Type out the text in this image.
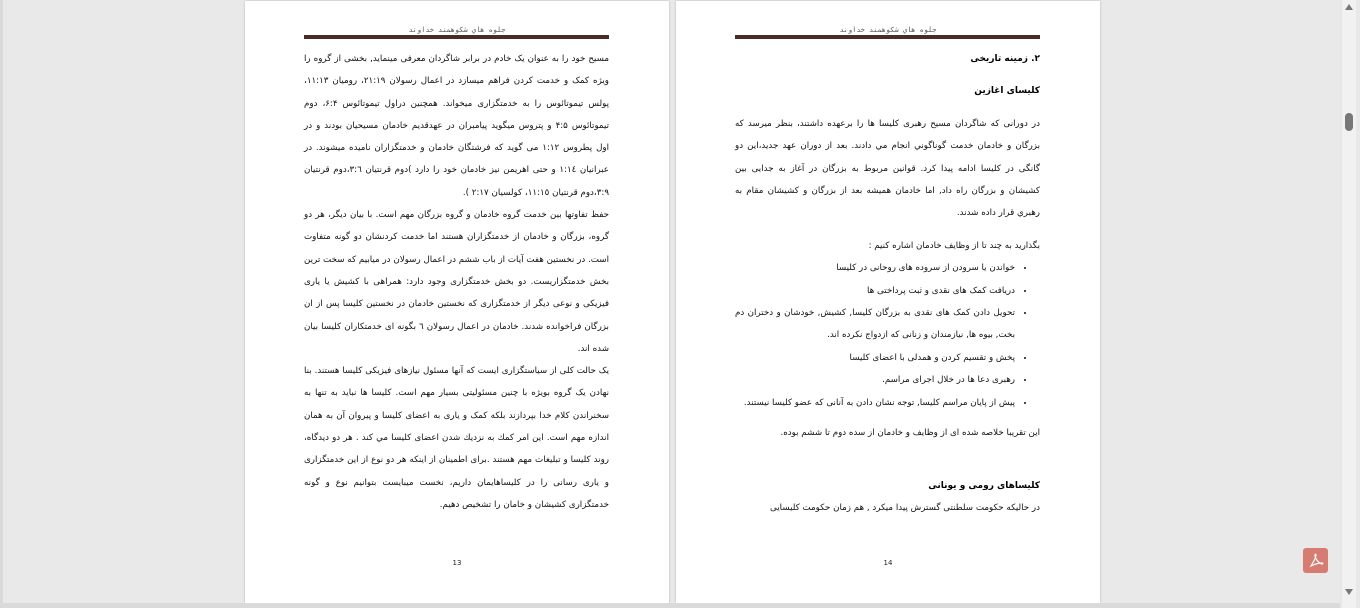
جلوه هاي شكوهمند خداوند

مسیح خود را به عنوان یک خادم در برابر شاگردان معرفی مینماید, بخشی از گروه را ویژه کمک و خدمت کردن فراهم میسازد در اعمال رسولان ۲۱:۱۹، رومیان ۱۱:۱۳، پولس تیموتائوس را به خدمتگزاری میخواند. همچنین دراول تیموتائوس ۶:۴، دوم تیموتائوس ۴:۵ و پتروس میگوید پیامبران در عهدقدیم خادمان مسیحیان بودند و در اول پطروس ۱:۱۲ می گوید که فرشتگان خادمان و خدمتگزاران نامیده میشوند. در عبرانیان ۱:۱٤ و حتی اهریمن نیز خادمان خود را دارد )دوم قرنتیان ۳:٦،دوم قرنتیان ۳:۹،دوم قرنتیان ۱۱:۱٥، کولسیان ۲:۱۷ ).

حفظ تفاوتها بین خدمت گروه خادمان و گروه بزرگان مهم است. با بیان دیگر، هر دو گروه، بزرگان و خادمان از خدمتگزاران هستند اما خدمت کردنشان دو گونه متفاوت است. در نخستین هفت آیات از باب ششم در اعمال رسولان در میابیم که سخت ترین بخش خدمتگزاریست. دو بخش خدمتگزاری وجود دارد: همراهی با کشیش یا یاری فیزیکی و نوعی دیگر از خدمتگزاری که نخستین خادمان در نخستین کلیسا پس از ان بزرگان فراخوانده شدند. خادمان در اعمال رسولان ٦ بگونه ای خدمتکاران کلیسا بیان شده اند.

یک حالت کلی از سیاستگزاری ایست که آنها مسئول نیازهای فیزیکی کلیسا هستند. بنا نهادن یک گروه بویژه با چنین مسئولیتی بسیار مهم است. کلیسا ها نباید به تنها به سخنراندن کلام خدا بپردازند بلکه کمک و یاری به اعضای کلیسا و پیروان آن به همان اندازه مهم است. این امر كمك به نزديك شدن اعضای كليسا مي كند . هر دو دیدگاه، روند کلیسا و تبلیغات مهم هستند .برای اطمینان از اینکه هر دو نوع از این خدمتگزاری و یاری رسانی را در کلیساهایمان داریم، نخست میبایست بتوانیم نوع و گونه خدمتگزاری کشیشان و خامان را تشخیص دهیم.

13
جلوه هاي شكوهمند خداوند
۲. زمینه تاریخی
کلیسای اغازین
در دورانی که شاگردان مسیح رهبری کلیسا ها را برعهده داشتند، بنظر میرسد که بزرگان و خادمان خدمت گوناگوني انجام مي دادند. بعد از دوران عهد جدید،این دو گانگی در کلیسا ادامه پیدا کرد. قوانین مربوط به بزرگان در آغاز به جدایی بین کشیشان و بزرگان راه داد, اما خادمان همیشه بعد از بزرگان و کشیشان مقام به رهبري قرار داده شدند.
بگذارید به چند تا از وظایف خادمان اشاره کنیم :
• خواندن یا سرودن از سروده های روحانی در کلیسا
• دریافت کمک های نقدی و ثبت پرداختی ها
• تحویل دادن کمک های نقدی به بزرگان کلیسا, کشیش, خودشان و دختران دم بخت, بیوه ها, نیازمندان و زنانی که ازدواج نکرده اند.
• پخش و تقسیم کردن و همدلی با اعضای کلیسا
• رهبری دعا ها در خلال اجرای مراسم.
• پیش از پایان مراسم کلیسا, توجه نشان دادن به آنانی که عضو کلیسا نیستند.
این تقریبا خلاصه شده ای از وظایف و خادمان از سده دوم تا ششم بوده.
کلیساهای رومی و یونانی
در حالیکه حکومت سلطنتی گسترش پیدا میکرد , هم زمان حکومت کلیسایی
14
